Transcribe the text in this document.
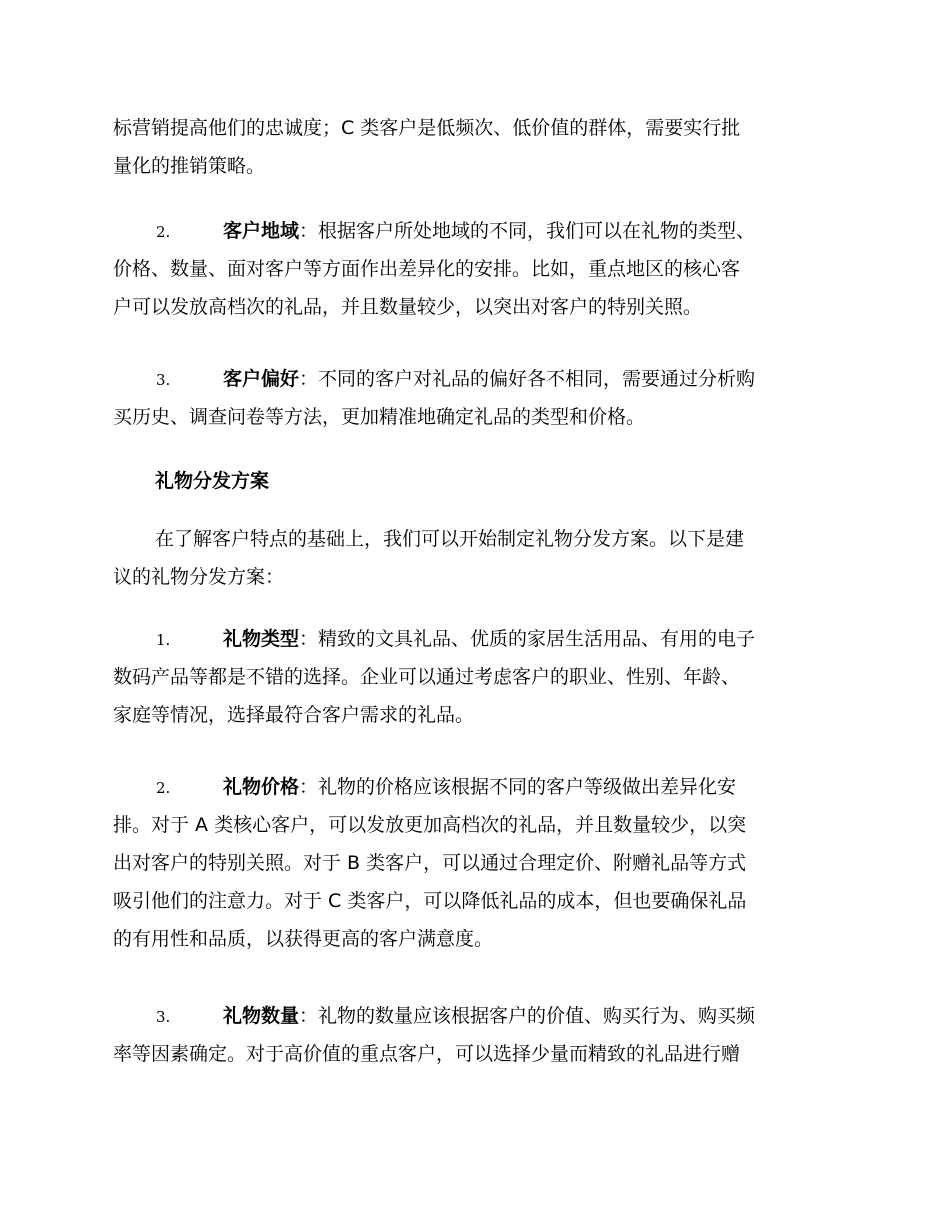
标营销提高他们的忠诚度；C 类客户是低频次、低价值的群体，需要实行批
量化的推销策略。
2.	客户地域：根据客户所处地域的不同，我们可以在礼物的类型、
价格、数量、面对客户等方面作出差异化的安排。比如，重点地区的核心客
户可以发放高档次的礼品，并且数量较少，以突出对客户的特别关照。
3.	客户偏好：不同的客户对礼品的偏好各不相同，需要通过分析购
买历史、调查问卷等方法，更加精准地确定礼品的类型和价格。
礼物分发方案
在了解客户特点的基础上，我们可以开始制定礼物分发方案。以下是建
议的礼物分发方案：
1.	礼物类型：精致的文具礼品、优质的家居生活用品、有用的电子
数码产品等都是不错的选择。企业可以通过考虑客户的职业、性别、年龄、
家庭等情况，选择最符合客户需求的礼品。
2.	礼物价格：礼物的价格应该根据不同的客户等级做出差异化安
排。对于 A 类核心客户，可以发放更加高档次的礼品，并且数量较少，以突
出对客户的特别关照。对于 B 类客户，可以通过合理定价、附赠礼品等方式
吸引他们的注意力。对于 C 类客户，可以降低礼品的成本，但也要确保礼品
的有用性和品质，以获得更高的客户满意度。
3.	礼物数量：礼物的数量应该根据客户的价值、购买行为、购买频
率等因素确定。对于高价值的重点客户，可以选择少量而精致的礼品进行赠
